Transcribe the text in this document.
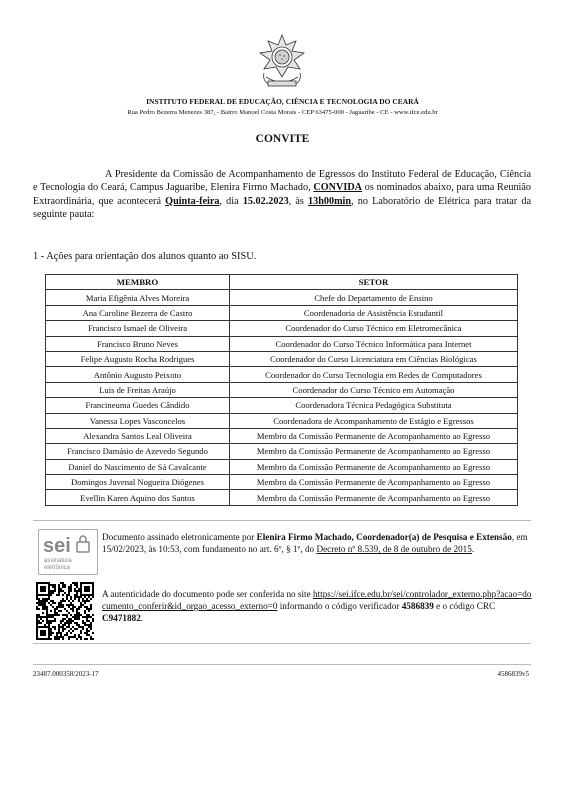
INSTITUTO FEDERAL DE EDUCAÇÃO, CIÊNCIA E TECNOLOGIA DO CEARÁ
Rua Pedro Bezerra Menezes 387, - Bairro Manoel Costa Morais - CEP 63475-000 - Jaguaribe - CE - www.ifce.edu.br
CONVITE
A Presidente da Comissão de Acompanhamento de Egressos do Instituto Federal de Educação, Ciência e Tecnologia do Ceará, Campus Jaguaribe, Elenira Firmo Machado, CONVIDA os nominados abaixo, para uma Reunião Extraordinária, que acontecerá Quinta-feira, dia 15.02.2023, às 13h00min, no Laboratório de Elétrica para tratar da seguinte pauta:
1 - Ações para orientação dos alunos quanto ao SISU.
MEMBRO	SETOR
Maria Efigênia Alves Moreira	Chefe do Departamento de Ensino
Ana Caroline Bezerra de Castro	Coordenadoria de Assistência Estudantil
Francisco Ismael de Oliveira	Coordenador do Curso Técnico em Eletromecânica
Francisco Bruno Neves	Coordenador do Curso Técnico Informática para Internet
Felipe Augusto Rocha Rodrigues	Coordenador do Curso Licenciatura em Ciências Biológicas
Antônio Augusto Peixoto	Coordenador do Curso Tecnologia em Redes de Computadores
Luis de Freitas Araújo	Coordenador do Curso Técnico em Automação
Francineuma Guedes Cândido	Coordenadora Técnica Pedagógica Substituta
Vanessa Lopes Vasconcelos	Coordenadora de Acompanhamento de Estágio e Egressos
Alexandra Santos Leal Oliveira	Membro da Comissão Permanente de Acompanhamento ao Egresso
Francisco Damásio de Azevedo Segundo	Membro da Comissão Permanente de Acompanhamento ao Egresso
Daniel do Nascimento de Sá Cavalcante	Membro da Comissão Permanente de Acompanhamento ao Egresso
Domingos Juvenal Nogueira Diógenes	Membro da Comissão Permanente de Acompanhamento ao Egresso
Evellin Karen Aquino dos Santos	Membro da Comissão Permanente de Acompanhamento ao Egresso
sei
assinatura
eletrônica
Documento assinado eletronicamente por Elenira Firmo Machado, Coordenador(a) de Pesquisa e Extensão, em 15/02/2023, às 10:53, com fundamento no art. 6º, § 1º, do Decreto nº 8.539, de 8 de outubro de 2015.
A autenticidade do documento pode ser conferida no site https://sei.ifce.edu.br/sei/controlador_externo.php?acao=documento_conferir&id_orgao_acesso_externo=0 informando o código verificador 4586839 e o código CRC C9471882.
23487.000358/2023-17	4586839v5
